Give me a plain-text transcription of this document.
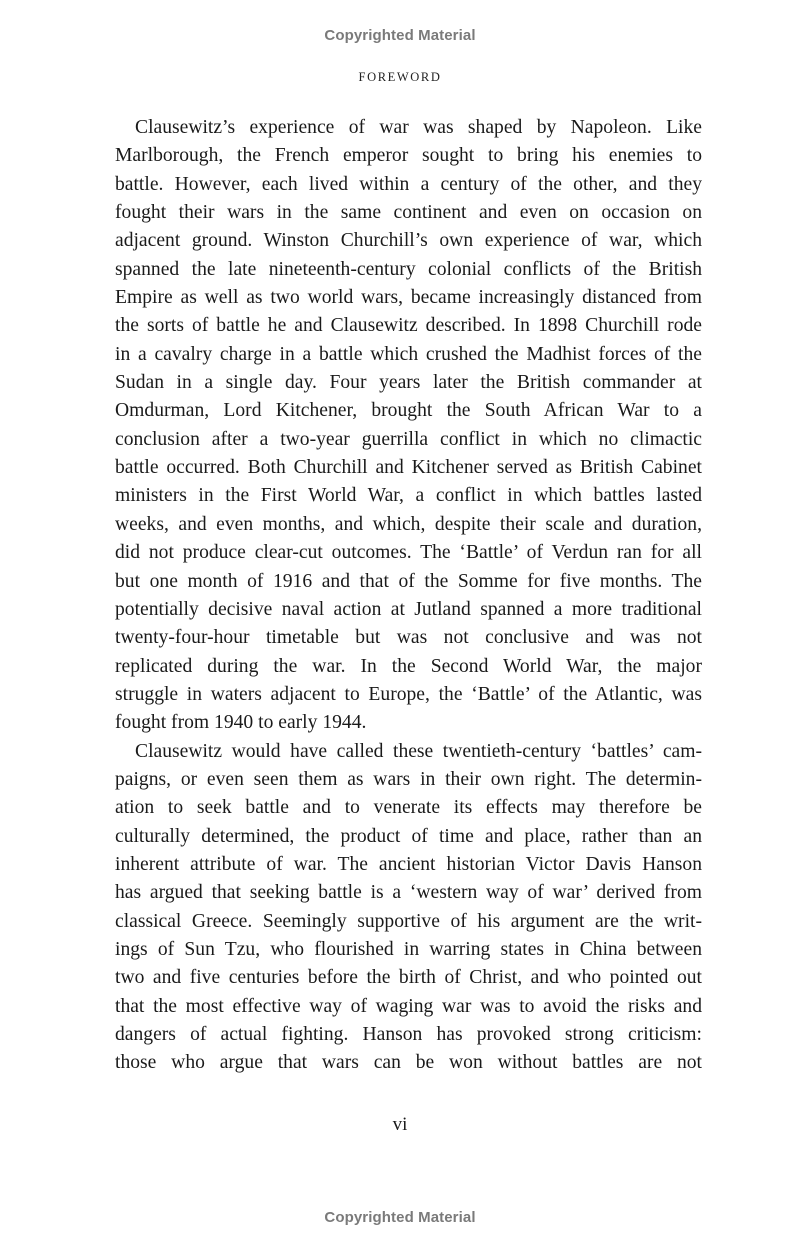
Copyrighted Material
FOREWORD

Clausewitz’s experience of war was shaped by Napoleon. Like
Marlborough, the French emperor sought to bring his enemies to
battle. However, each lived within a century of the other, and they
fought their wars in the same continent and even on occasion on
adjacent ground. Winston Churchill’s own experience of war, which
spanned the late nineteenth-century colonial conflicts of the British
Empire as well as two world wars, became increasingly distanced from
the sorts of battle he and Clausewitz described. In 1898 Churchill rode
in a cavalry charge in a battle which crushed the Madhist forces of the
Sudan in a single day. Four years later the British commander at
Omdurman, Lord Kitchener, brought the South African War to a
conclusion after a two-year guerrilla conflict in which no climactic
battle occurred. Both Churchill and Kitchener served as British Cabinet
ministers in the First World War, a conflict in which battles lasted
weeks, and even months, and which, despite their scale and duration,
did not produce clear-cut outcomes. The ‘Battle’ of Verdun ran for all
but one month of 1916 and that of the Somme for five months. The
potentially decisive naval action at Jutland spanned a more traditional
twenty-four-hour timetable but was not conclusive and was not
replicated during the war. In the Second World War, the major
struggle in waters adjacent to Europe, the ‘Battle’ of the Atlantic, was
fought from 1940 to early 1944.

Clausewitz would have called these twentieth-century ‘battles’ cam-
paigns, or even seen them as wars in their own right. The determin-
ation to seek battle and to venerate its effects may therefore be
culturally determined, the product of time and place, rather than an
inherent attribute of war. The ancient historian Victor Davis Hanson
has argued that seeking battle is a ‘western way of war’ derived from
classical Greece. Seemingly supportive of his argument are the writ-
ings of Sun Tzu, who flourished in warring states in China between
two and five centuries before the birth of Christ, and who pointed out
that the most effective way of waging war was to avoid the risks and
dangers of actual fighting. Hanson has provoked strong criticism:
those who argue that wars can be won without battles are not

vi
Copyrighted Material
